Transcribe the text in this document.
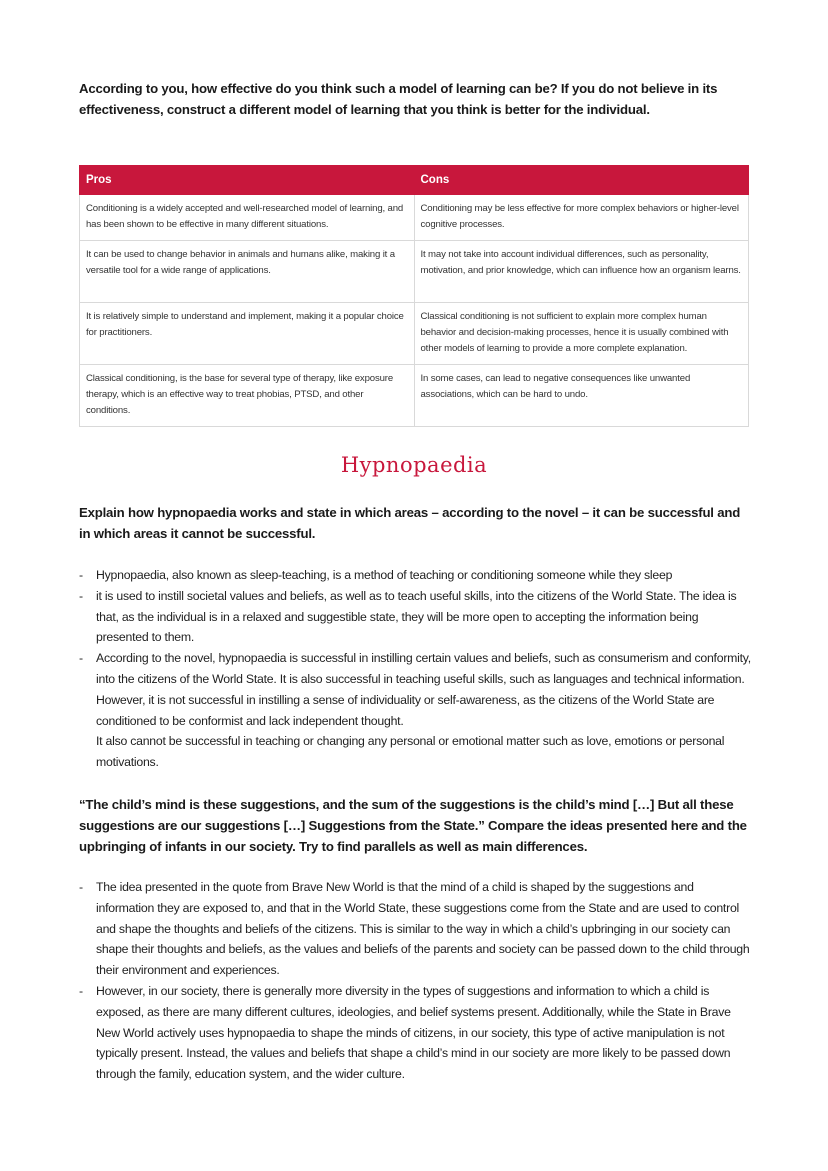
According to you, how effective do you think such a model of learning can be? If you do not believe in its effectiveness, construct a different model of learning that you think is better for the individual.
Pros	Cons
Conditioning is a widely accepted and well-researched model of learning, and has been shown to be effective in many different situations.	Conditioning may be less effective for more complex behaviors or higher-level cognitive processes.
It can be used to change behavior in animals and humans alike, making it a versatile tool for a wide range of applications.	It may not take into account individual differences, such as personality, motivation, and prior knowledge, which can influence how an organism learns.
It is relatively simple to understand and implement, making it a popular choice for practitioners.	Classical conditioning is not sufficient to explain more complex human behavior and decision-making processes, hence it is usually combined with other models of learning to provide a more complete explanation.
Classical conditioning, is the base for several type of therapy, like exposure therapy, which is an effective way to treat phobias, PTSD, and other conditions.	In some cases, can lead to negative consequences like unwanted associations, which can be hard to undo.
Hypnopaedia
Explain how hypnopaedia works and state in which areas – according to the novel – it can be successful and in which areas it cannot be successful.
- Hypnopaedia, also known as sleep-teaching, is a method of teaching or conditioning someone while they sleep
- it is used to instill societal values and beliefs, as well as to teach useful skills, into the citizens of the World State. The idea is that, as the individual is in a relaxed and suggestible state, they will be more open to accepting the information being presented to them.
- According to the novel, hypnopaedia is successful in instilling certain values and beliefs, such as consumerism and conformity, into the citizens of the World State. It is also successful in teaching useful skills, such as languages and technical information. However, it is not successful in instilling a sense of individuality or self-awareness, as the citizens of the World State are conditioned to be conformist and lack independent thought.
It also cannot be successful in teaching or changing any personal or emotional matter such as love, emotions or personal motivations.
“The child’s mind is these suggestions, and the sum of the suggestions is the child’s mind […] But all these suggestions are our suggestions […] Suggestions from the State.” Compare the ideas presented here and the upbringing of infants in our society. Try to find parallels as well as main differences.
- The idea presented in the quote from Brave New World is that the mind of a child is shaped by the suggestions and information they are exposed to, and that in the World State, these suggestions come from the State and are used to control and shape the thoughts and beliefs of the citizens. This is similar to the way in which a child’s upbringing in our society can shape their thoughts and beliefs, as the values and beliefs of the parents and society can be passed down to the child through their environment and experiences.
- However, in our society, there is generally more diversity in the types of suggestions and information to which a child is exposed, as there are many different cultures, ideologies, and belief systems present. Additionally, while the State in Brave New World actively uses hypnopaedia to shape the minds of citizens, in our society, this type of active manipulation is not typically present. Instead, the values and beliefs that shape a child’s mind in our society are more likely to be passed down through the family, education system, and the wider culture.
